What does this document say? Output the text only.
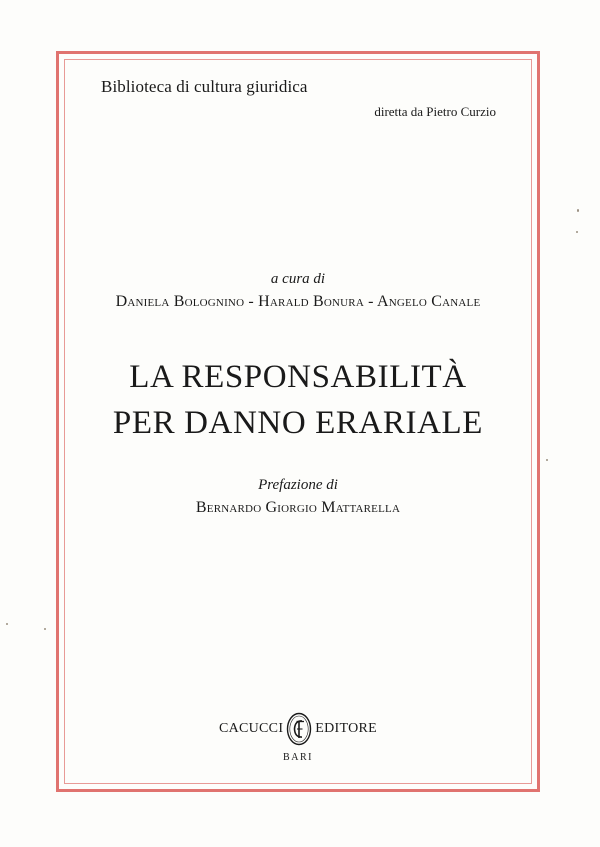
Biblioteca di cultura giuridica
diretta da Pietro Curzio
a cura di
Daniela Bolognino - Harald Bonura - Angelo Canale
LA RESPONSABILITÀ
PER DANNO ERARIALE
Prefazione di
Bernardo Giorgio Mattarella
CACUCCI EDITORE
BARI
